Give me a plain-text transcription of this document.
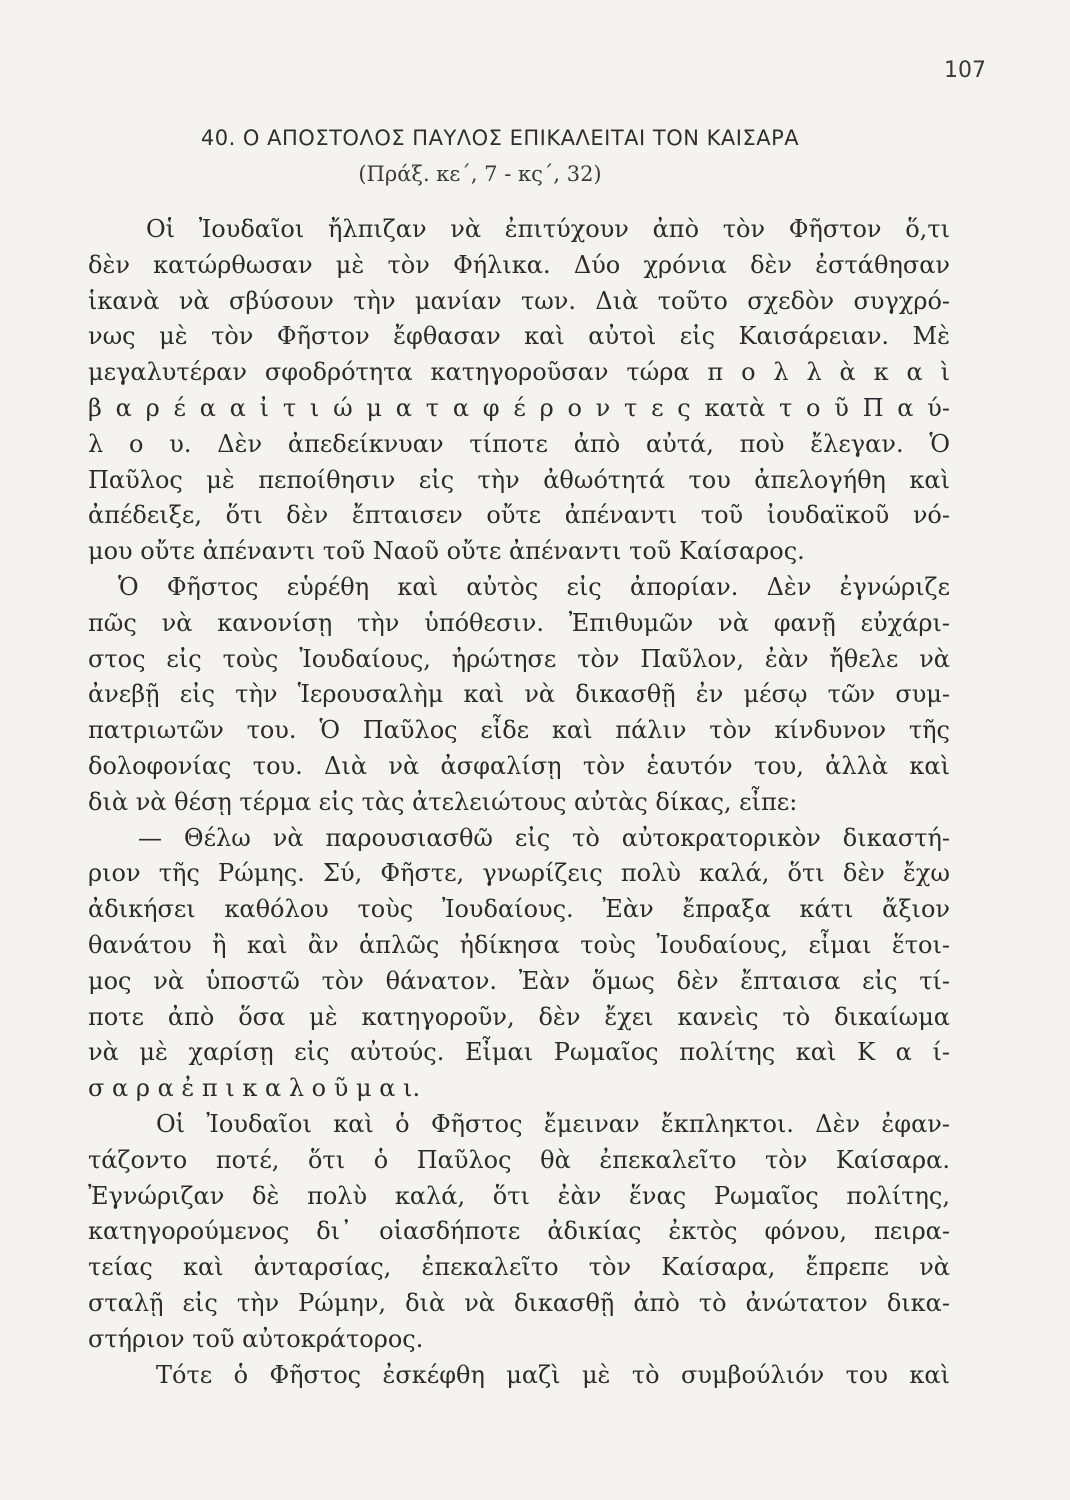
107
40. Ο ΑΠΟΣΤΟΛΟΣ ΠΑΥΛΟΣ ΕΠΙΚΑΛΕΙΤΑΙ ΤΟΝ ΚΑΙΣΑΡΑ
(Πράξ. κε΄, 7 - κς΄, 32)
Οἱ Ἰουδαῖοι ἤλπιζαν νὰ ἐπιτύχουν ἀπὸ τὸν Φῆστον ὅ,τι
δὲν κατώρθωσαν μὲ τὸν Φήλικα. Δύο χρόνια δὲν ἐστάθησαν
ἱκανὰ νὰ σβύσουν τὴν μανίαν των. Διὰ τοῦτο σχεδὸν συγχρό-
νως μὲ τὸν Φῆστον ἔφθασαν καὶ αὐτοὶ εἰς Καισάρειαν. Μὲ
μεγαλυτέραν σφοδρότητα κατηγοροῦσαν τώρα π ο λ λ ὰ κ α ὶ
β α ρ έ α α ἰ τ ι ώ μ α τ α φ έ ρ ο ν τ ε ς κατὰ τ ο ῦ Π α ύ-
λ ο υ. Δὲν ἀπεδείκνυαν τίποτε ἀπὸ αὐτά, ποὺ ἔλεγαν. Ὁ
Παῦλος μὲ πεποίθησιν εἰς τὴν ἀθωότητά του ἀπελογήθη καὶ
ἀπέδειξε, ὅτι δὲν ἔπταισεν οὔτε ἀπέναντι τοῦ ἰουδαϊκοῦ νό-
μου οὔτε ἀπέναντι τοῦ Ναοῦ οὔτε ἀπέναντι τοῦ Καίσαρος.
Ὁ Φῆστος εὑρέθη καὶ αὐτὸς εἰς ἀπορίαν. Δὲν ἐγνώριζε
πῶς νὰ κανονίσῃ τὴν ὑπόθεσιν. Ἐπιθυμῶν νὰ φανῇ εὐχάρι-
στος εἰς τοὺς Ἰουδαίους, ἠρώτησε τὸν Παῦλον, ἐὰν ἤθελε νὰ
ἀνεβῇ εἰς τὴν Ἱερουσαλὴμ καὶ νὰ δικασθῇ ἐν μέσῳ τῶν συμ-
πατριωτῶν του. Ὁ Παῦλος εἶδε καὶ πάλιν τὸν κίνδυνον τῆς
δολοφονίας του. Διὰ νὰ ἀσφαλίσῃ τὸν ἑαυτόν του, ἀλλὰ καὶ
διὰ νὰ θέσῃ τέρμα εἰς τὰς ἀτελειώτους αὐτὰς δίκας, εἶπε:
— Θέλω νὰ παρουσιασθῶ εἰς τὸ αὐτοκρατορικὸν δικαστή-
ριον τῆς Ρώμης. Σύ, Φῆστε, γνωρίζεις πολὺ καλά, ὅτι δὲν ἔχω
ἀδικήσει καθόλου τοὺς Ἰουδαίους. Ἐὰν ἔπραξα κάτι ἄξιον
θανάτου ἢ καὶ ἂν ἁπλῶς ἠδίκησα τοὺς Ἰουδαίους, εἶμαι ἕτοι-
μος νὰ ὑποστῶ τὸν θάνατον. Ἐὰν ὅμως δὲν ἔπταισα εἰς τί-
ποτε ἀπὸ ὅσα μὲ κατηγοροῦν, δὲν ἔχει κανεὶς τὸ δικαίωμα
νὰ μὲ χαρίσῃ εἰς αὐτούς. Εἶμαι Ρωμαῖος πολίτης καὶ Κ α ί-
σ α ρ α ἐ π ι κ α λ ο ῦ μ α ι.
Οἱ Ἰουδαῖοι καὶ ὁ Φῆστος ἔμειναν ἔκπληκτοι. Δὲν ἐφαν-
τάζοντο ποτέ, ὅτι ὁ Παῦλος θὰ ἐπεκαλεῖτο τὸν Καίσαρα.
Ἐγνώριζαν δὲ πολὺ καλά, ὅτι ἐὰν ἕνας Ρωμαῖος πολίτης,
κατηγορούμενος δι᾽ οἱασδήποτε ἀδικίας ἐκτὸς φόνου, πειρα-
τείας καὶ ἀνταρσίας, ἐπεκαλεῖτο τὸν Καίσαρα, ἔπρεπε νὰ
σταλῇ εἰς τὴν Ρώμην, διὰ νὰ δικασθῇ ἀπὸ τὸ ἀνώτατον δικα-
στήριον τοῦ αὐτοκράτορος.
Τότε ὁ Φῆστος ἐσκέφθη μαζὶ μὲ τὸ συμβούλιόν του καὶ
